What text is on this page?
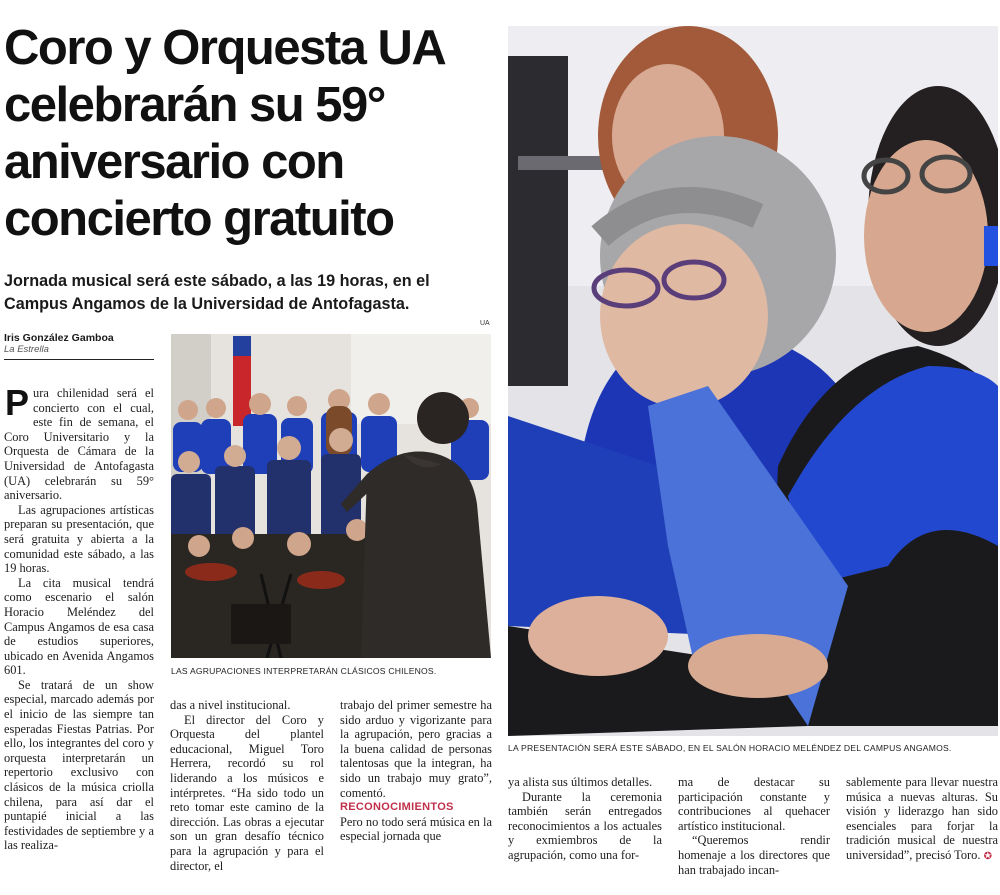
Coro y Orquesta UA celebrarán su 59° aniversario con concierto gratuito
Jornada musical será este sábado, a las 19 horas, en el Campus Angamos de la Universidad de Antofagasta.
Iris González Gamboa
La Estrella
UA
LAS AGRUPACIONES INTERPRETARÁN CLÁSICOS CHILENOS.
LA PRESENTACIÓN SERÁ ESTE SÁBADO, EN EL SALÓN HORACIO MELÉNDEZ DEL CAMPUS ANGAMOS.

Pura chilenidad será el concierto con el cual, este fin de semana, el Coro Universitario y la Orquesta de Cámara de la Universidad de Antofagasta (UA) celebrarán su 59° aniversario.

Las agrupaciones artísticas preparan su presentación, que será gratuita y abierta a la comunidad este sábado, a las 19 horas.

La cita musical tendrá como escenario el salón Horacio Meléndez del Campus Angamos de esa casa de estudios superiores, ubicado en Avenida Angamos 601.

Se tratará de un show especial, marcado además por el inicio de las siempre tan esperadas Fiestas Patrias. Por ello, los integrantes del coro y orquesta interpretarán un repertorio exclusivo con clásicos de la música criolla chilena, para así dar el puntapié inicial a las festividades de septiembre y a las realiza-

das a nivel institucional.

El director del Coro y Orquesta del plantel educacional, Miguel Toro Herrera, recordó su rol liderando a los músicos e intérpretes. “Ha sido todo un reto tomar este camino de la dirección. Las obras a ejecutar son un gran desafío técnico para la agrupación y para el director, el

trabajo del primer semestre ha sido arduo y vigorizante para la agrupación, pero gracias a la buena calidad de personas talentosas que la integran, ha sido un trabajo muy grato”, comentó.

RECONOCIMIENTOS

Pero no todo será música en la especial jornada que

ya alista sus últimos detalles.

Durante la ceremonia también serán entregados reconocimientos a los actuales y exmiembros de la agrupación, como una for-

ma de destacar su participación constante y contribuciones al quehacer artístico institucional.

“Queremos rendir homenaje a los directores que han trabajado incan-

sablemente para llevar nuestra música a nuevas alturas. Su visión y liderazgo han sido esenciales para forjar la tradición musical de nuestra universidad”, precisó Toro. ✪
